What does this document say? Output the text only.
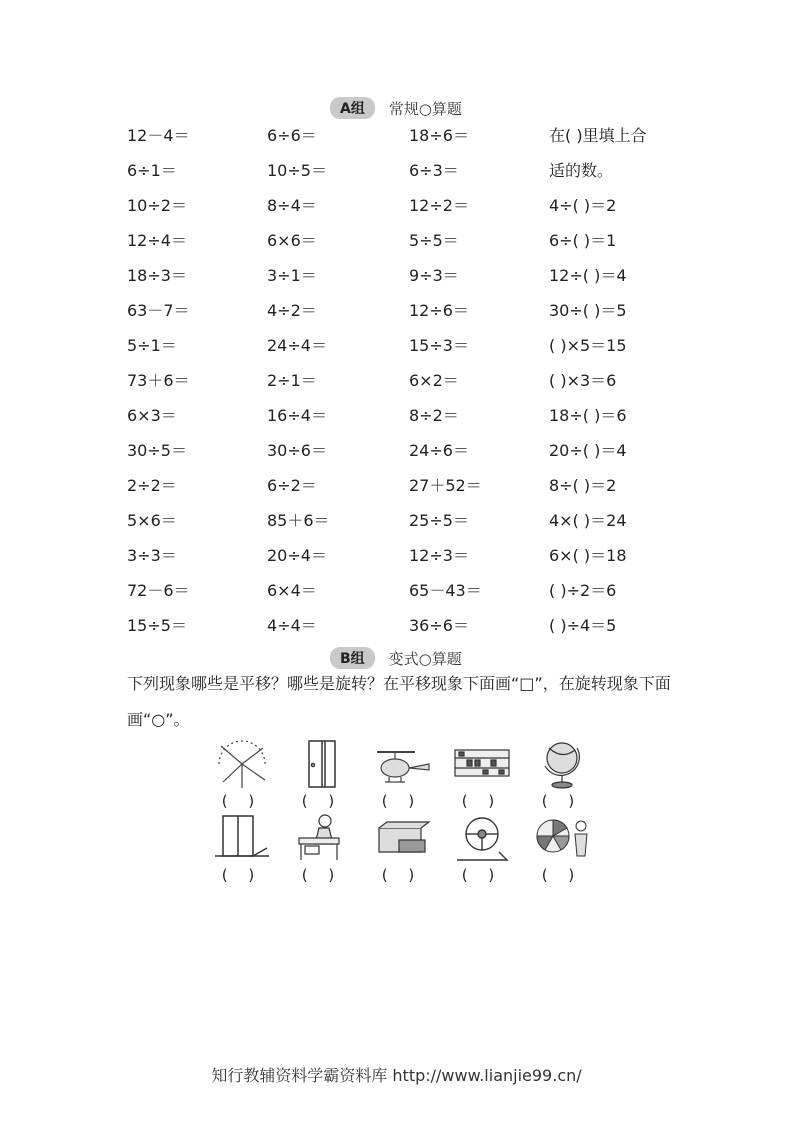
A组	常规○算题
12－4＝	6÷6＝	18÷6＝	在( )里填上合
6÷1＝	10÷5＝	6÷3＝	适的数。
10÷2＝	8÷4＝	12÷2＝	4÷( )＝2
12÷4＝	6×6＝	5÷5＝	6÷( )＝1
18÷3＝	3÷1＝	9÷3＝	12÷( )＝4
63－7＝	4÷2＝	12÷6＝	30÷( )＝5
5÷1＝	24÷4＝	15÷3＝	( )×5＝15
73＋6＝	2÷1＝	6×2＝	( )×3＝6
6×3＝	16÷4＝	8÷2＝	18÷( )＝6
30÷5＝	30÷6＝	24÷6＝	20÷( )＝4
2÷2＝	6÷2＝	27＋52＝	8÷( )＝2
5×6＝	85＋6＝	25÷5＝	4×( )＝24
3÷3＝	20÷4＝	12÷3＝	6×( )＝18
72－6＝	6×4＝	65－43＝	( )÷2＝6
15÷5＝	4÷4＝	36÷6＝	( )÷4＝5
B组	变式○算题
下列现象哪些是平移？哪些是旋转？在平移现象下面画“□”，在旋转现象下面画“○”。
( )	( )	( )	( )	( )
( )	( )	( )	( )	( )
知行教辅资料学霸资料库 http://www.lianjie99.cn/
